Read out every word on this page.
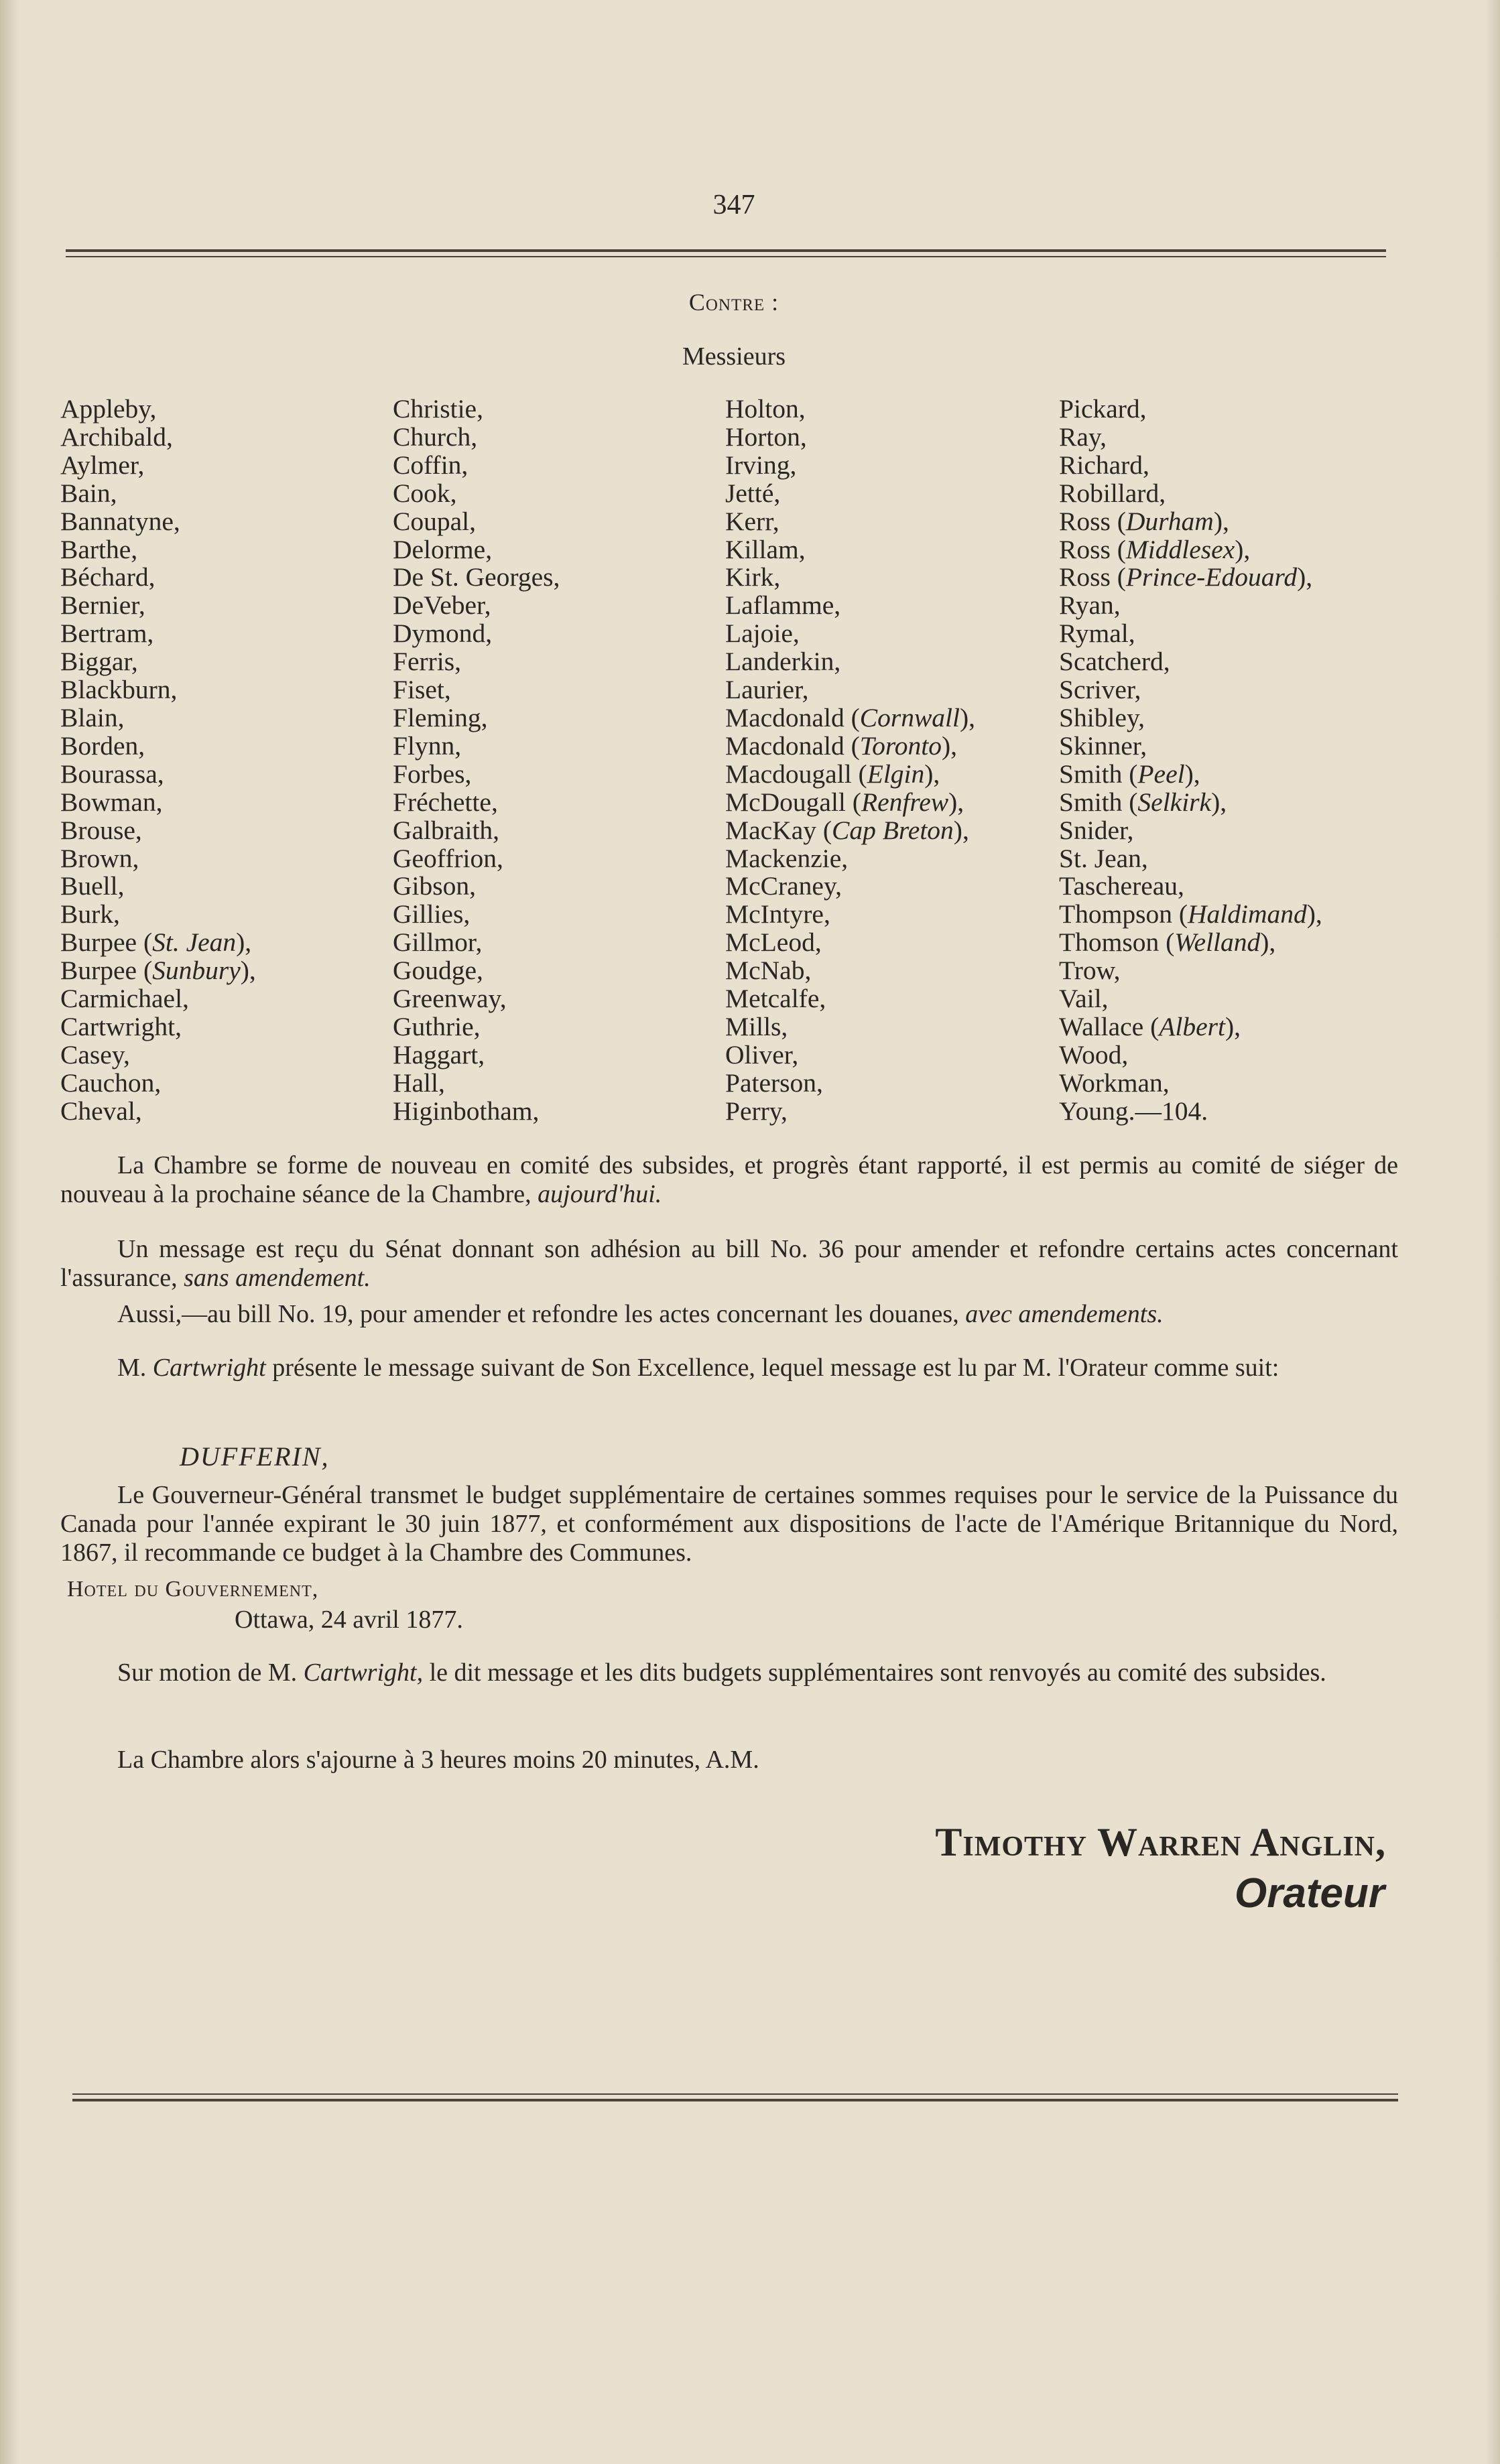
347
Contre :
Messieurs
Appleby,
Archibald,
Aylmer,
Bain,
Bannatyne,
Barthe,
Béchard,
Bernier,
Bertram,
Biggar,
Blackburn,
Blain,
Borden,
Bourassa,
Bowman,
Brouse,
Brown,
Buell,
Burk,
Burpee (St. Jean),
Burpee (Sunbury),
Carmichael,
Cartwright,
Casey,
Cauchon,
Cheval,
Christie,
Church,
Coffin,
Cook,
Coupal,
Delorme,
De St. Georges,
DeVeber,
Dymond,
Ferris,
Fiset,
Fleming,
Flynn,
Forbes,
Fréchette,
Galbraith,
Geoffrion,
Gibson,
Gillies,
Gillmor,
Goudge,
Greenway,
Guthrie,
Haggart,
Hall,
Higinbotham,
Holton,
Horton,
Irving,
Jetté,
Kerr,
Killam,
Kirk,
Laflamme,
Lajoie,
Landerkin,
Laurier,
Macdonald (Cornwall),
Macdonald (Toronto),
Macdougall (Elgin),
McDougall (Renfrew),
MacKay (Cap Breton),
Mackenzie,
McCraney,
McIntyre,
McLeod,
McNab,
Metcalfe,
Mills,
Oliver,
Paterson,
Perry,
Pickard,
Ray,
Richard,
Robillard,
Ross (Durham),
Ross (Middlesex),
Ross (Prince-Edouard),
Ryan,
Rymal,
Scatcherd,
Scriver,
Shibley,
Skinner,
Smith (Peel),
Smith (Selkirk),
Snider,
St. Jean,
Taschereau,
Thompson (Haldimand),
Thomson (Welland),
Trow,
Vail,
Wallace (Albert),
Wood,
Workman,
Young.—104.
La Chambre se forme de nouveau en comité des subsides, et progrès étant rapporté, il est permis au comité de siéger de nouveau à la prochaine séance de la Chambre, aujourd'hui.
Un message est reçu du Sénat donnant son adhésion au bill No. 36 pour amender et refondre certains actes concernant l'assurance, sans amendement.
Aussi,—au bill No. 19, pour amender et refondre les actes concernant les douanes, avec amendements.
M. Cartwright présente le message suivant de Son Excellence, lequel message est lu par M. l'Orateur comme suit:
DUFFERIN,
Le Gouverneur-Général transmet le budget supplémentaire de certaines sommes requises pour le service de la Puissance du Canada pour l'année expirant le 30 juin 1877, et conformément aux dispositions de l'acte de l'Amérique Britannique du Nord, 1867, il recommande ce budget à la Chambre des Communes.
Hotel du Gouvernement,
Ottawa, 24 avril 1877.
Sur motion de M. Cartwright, le dit message et les dits budgets supplémentaires sont renvoyés au comité des subsides.
La Chambre alors s'ajourne à 3 heures moins 20 minutes, A.M.
Timothy Warren Anglin,
Orateur
